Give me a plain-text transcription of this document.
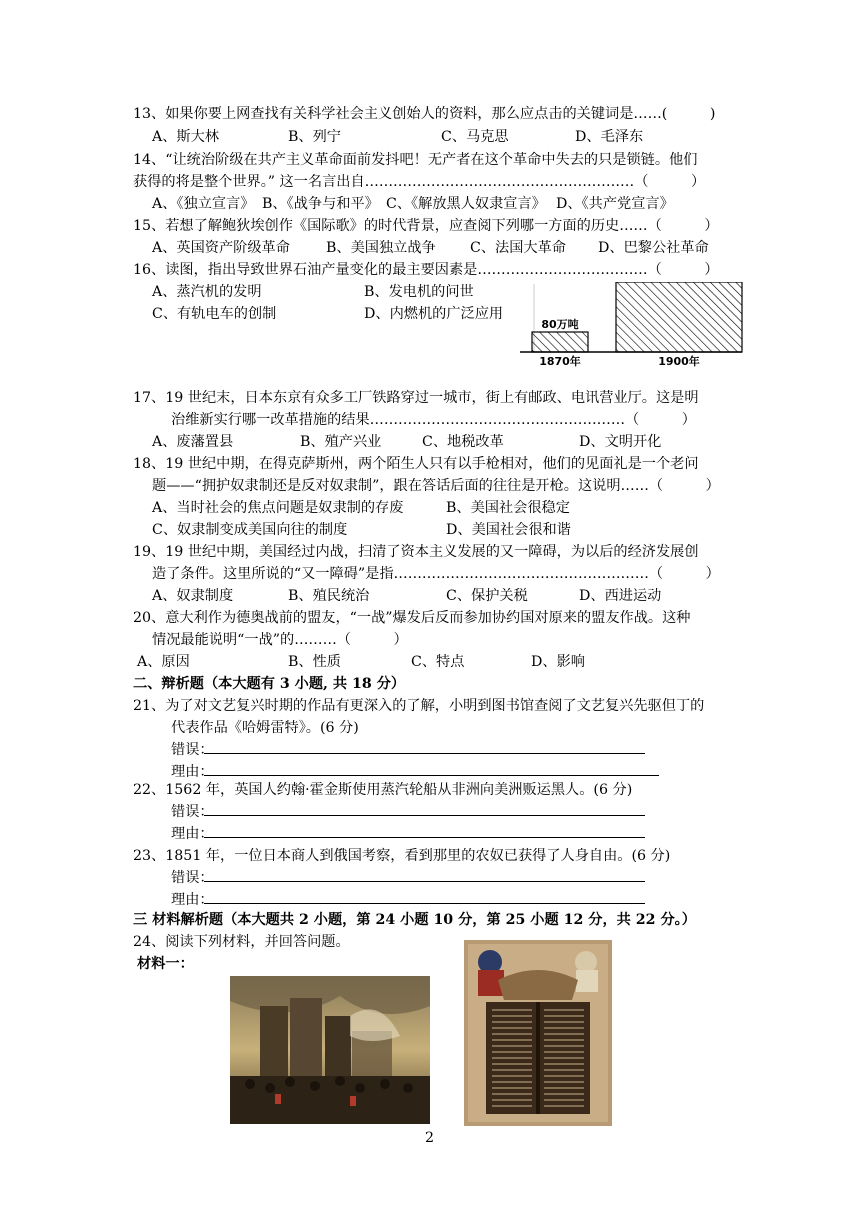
13、如果你要上网查找有关科学社会主义创始人的资料，那么应点击的关键词是……(　　　)
A、斯大林	B、列宁	C、马克思	D、毛泽东
14、“让统治阶级在共产主义革命面前发抖吧！无产者在这个革命中失去的只是锁链。他们
获得的将是整个世界。” 这一名言出自…………………………………………………（　　　）
A、《独立宣言》 B、《战争与和平》 C、《解放黑人奴隶宣言》 D、《共产党宣言》
15、若想了解鲍狄埃创作《国际歌》的时代背景，应查阅下列哪一方面的历史……（　　　）
A、英国资产阶级革命	B、美国独立战争 C、法国大革命 D、巴黎公社革命
16、读图，指出导致世界石油产量变化的最主要因素是………………………………（　　　）
A、蒸汽机的发明	B、发电机的问世
C、有轨电车的创制	D、内燃机的广泛应用
80万吨
1870年	1900年
17、19 世纪末，日本东京有众多工厂铁路穿过一城市，街上有邮政、电讯营业厅。这是明
治维新实行哪一改革措施的结果………………………………………………（　　　）
A、废藩置县	B、殖产兴业	C、地税改革	D、文明开化
18、19 世纪中期，在得克萨斯州，两个陌生人只有以手枪相对，他们的见面礼是一个老问
题——“拥护奴隶制还是反对奴隶制”，跟在答话后面的往往是开枪。这说明……（　　　）
A、当时社会的焦点问题是奴隶制的存废	B、美国社会很稳定
C、奴隶制变成美国向往的制度	D、美国社会很和谐
19、19 世纪中期，美国经过内战，扫清了资本主义发展的又一障碍，为以后的经济发展创
造了条件。这里所说的“又一障碍”是指………………………………………………（　　　）
A、奴隶制度	B、殖民统治	C、保护关税	D、西进运动
20、意大利作为德奥战前的盟友，“一战”爆发后反而参加协约国对原来的盟友作战。这种
情况最能说明“一战”的………（　　　）
A、原因	B、性质	C、特点	D、影响
二、辩析题（本大题有 3 小题, 共 18 分）
21、为了对文艺复兴时期的作品有更深入的了解，小明到图书馆查阅了文艺复兴先驱但丁的
代表作品《哈姆雷特》。(6 分)
错误：
理由：
22、1562 年，英国人约翰·霍金斯使用蒸汽轮船从非洲向美洲贩运黑人。(6 分)
错误：
理由：
23、1851 年，一位日本商人到俄国考察，看到那里的农奴已获得了人身自由。(6 分)
错误：
理由：
三 材料解析题（本大题共 2 小题，第 24 小题 10 分，第 25 小题 12 分，共 22 分。）
24、阅读下列材料，并回答问题。
材料一：
2
